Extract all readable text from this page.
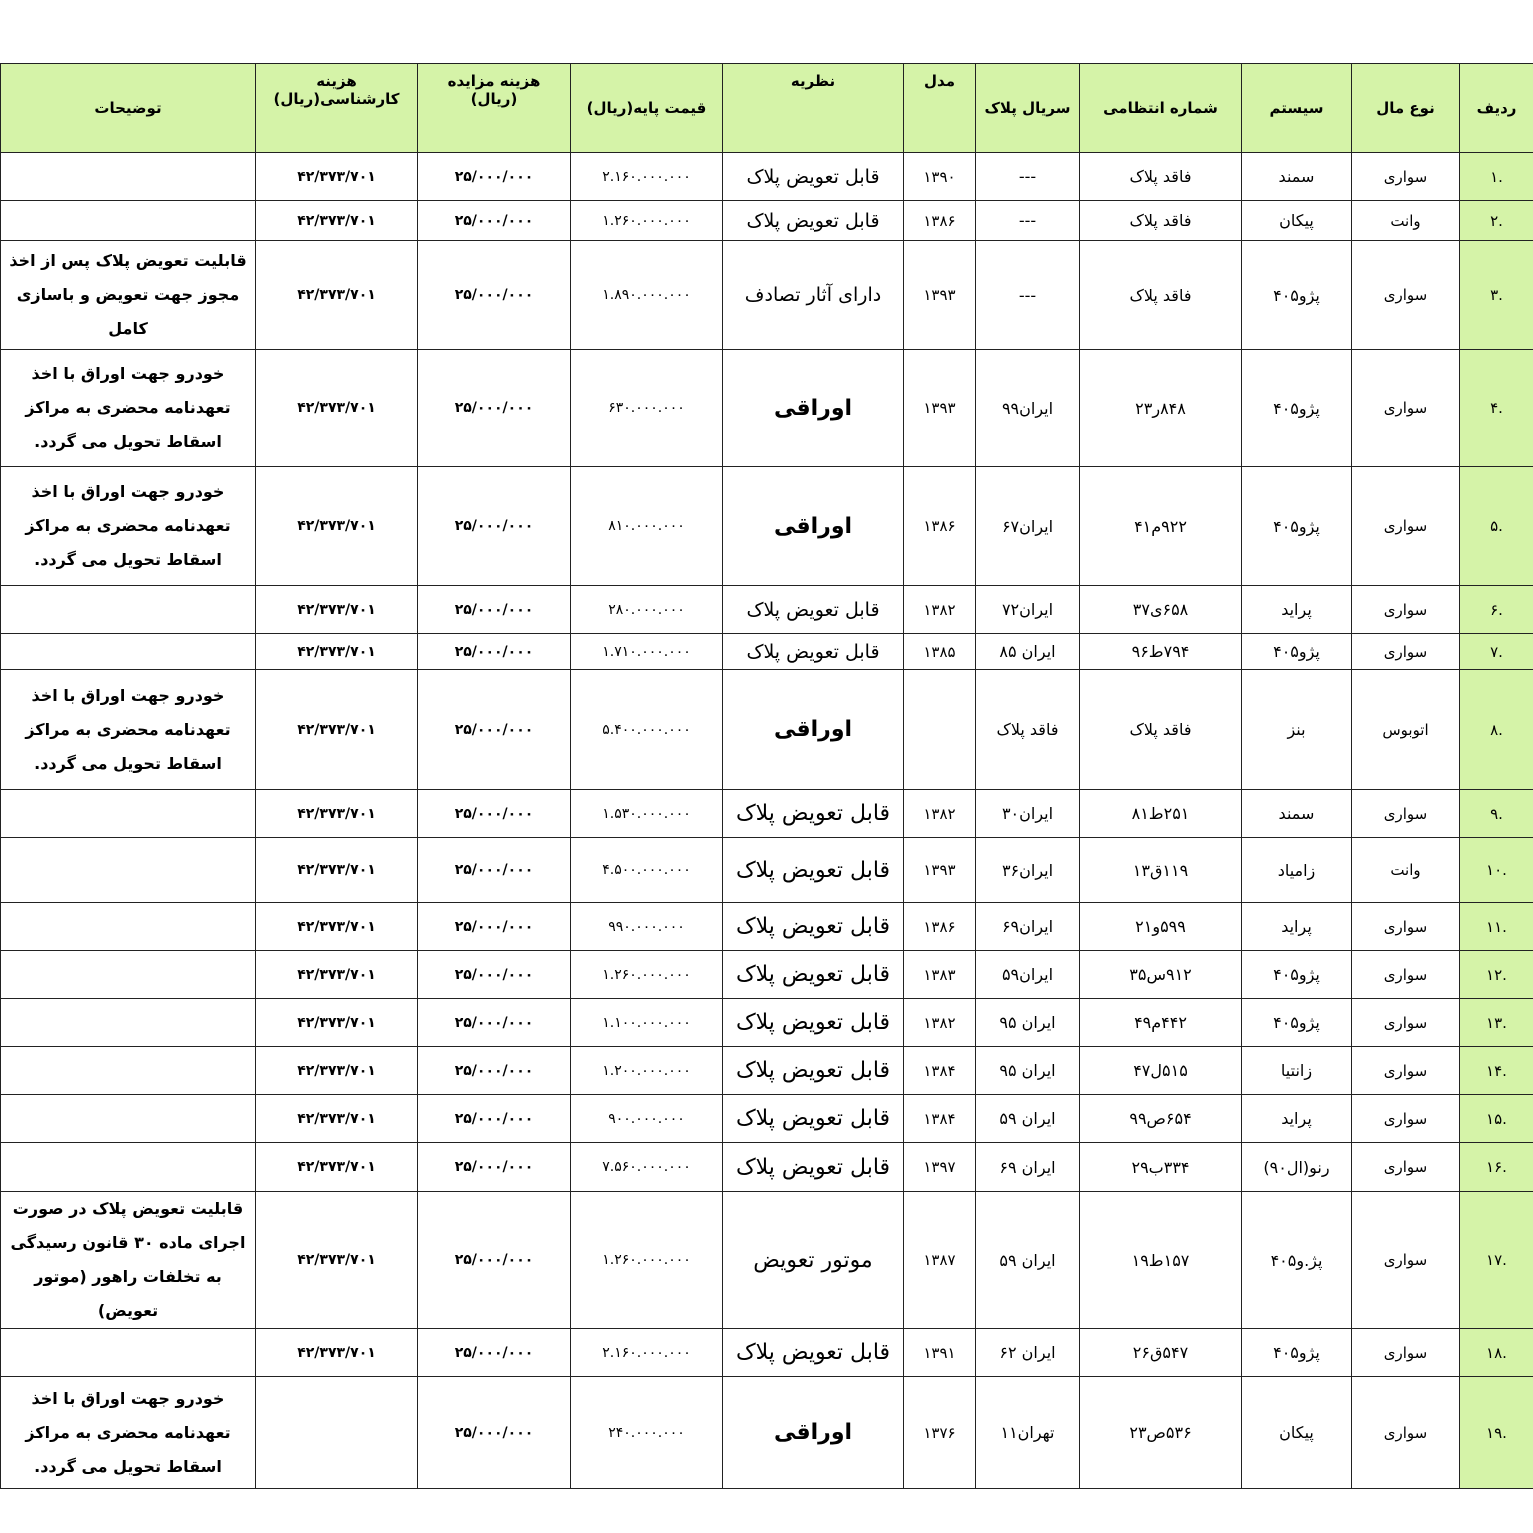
ردیف	نوع مال	سیستم	شماره انتظامی	سریال پلاک	مدل	نظریه	قیمت پایه(ریال)	هزینه مزایده (ریال)	هزینه کارشناسی(ریال)	توضیحات
.۱	سواری	سمند	فاقد پلاک	---	۱۳۹۰	قابل تعویض پلاک	۲.۱۶۰.۰۰۰.۰۰۰	۲۵/۰۰۰/۰۰۰	۴۲/۳۷۳/۷۰۱	
.۲	وانت	پیکان	فاقد پلاک	---	۱۳۸۶	قابل تعویض پلاک	۱.۲۶۰.۰۰۰.۰۰۰	۲۵/۰۰۰/۰۰۰	۴۲/۳۷۳/۷۰۱	
.۳	سواری	پژو۴۰۵	فاقد پلاک	---	۱۳۹۳	دارای آثار تصادف	۱.۸۹۰.۰۰۰.۰۰۰	۲۵/۰۰۰/۰۰۰	۴۲/۳۷۳/۷۰۱	قابلیت تعویض پلاک پس از اخذ مجوز جهت تعویض و باسازی کامل
.۴	سواری	پژو۴۰۵	۸۴۸ر۲۳	ایران۹۹	۱۳۹۳	اوراقی	۶۳۰.۰۰۰.۰۰۰	۲۵/۰۰۰/۰۰۰	۴۲/۳۷۳/۷۰۱	خودرو جهت اوراق با اخذ تعهدنامه محضری به مراکز اسقاط تحویل می گردد.
.۵	سواری	پژو۴۰۵	۹۲۲م۴۱	ایران۶۷	۱۳۸۶	اوراقی	۸۱۰.۰۰۰.۰۰۰	۲۵/۰۰۰/۰۰۰	۴۲/۳۷۳/۷۰۱	خودرو جهت اوراق با اخذ تعهدنامه محضری به مراکز اسقاط تحویل می گردد.
.۶	سواری	پراید	۶۵۸ی۳۷	ایران۷۲	۱۳۸۲	قابل تعویض پلاک	۲۸۰.۰۰۰.۰۰۰	۲۵/۰۰۰/۰۰۰	۴۲/۳۷۳/۷۰۱	
.۷	سواری	پژو۴۰۵	۷۹۴ط۹۶	ایران ۸۵	۱۳۸۵	قابل تعویض پلاک	۱.۷۱۰.۰۰۰.۰۰۰	۲۵/۰۰۰/۰۰۰	۴۲/۳۷۳/۷۰۱	
.۸	اتوبوس	بنز	فاقد پلاک	فاقد پلاک		اوراقی	۵.۴۰۰.۰۰۰.۰۰۰	۲۵/۰۰۰/۰۰۰	۴۲/۳۷۳/۷۰۱	خودرو جهت اوراق با اخذ تعهدنامه محضری به مراکز اسقاط تحویل می گردد.
.۹	سواری	سمند	۲۵۱ط۸۱	ایران۳۰	۱۳۸۲	قابل تعویض پلاک	۱.۵۳۰.۰۰۰.۰۰۰	۲۵/۰۰۰/۰۰۰	۴۲/۳۷۳/۷۰۱	
.۱۰	وانت	زامیاد	۱۱۹ق۱۳	ایران۳۶	۱۳۹۳	قابل تعویض پلاک	۴.۵۰۰.۰۰۰.۰۰۰	۲۵/۰۰۰/۰۰۰	۴۲/۳۷۳/۷۰۱	
.۱۱	سواری	پراید	۵۹۹و۲۱	ایران۶۹	۱۳۸۶	قابل تعویض پلاک	۹۹۰.۰۰۰.۰۰۰	۲۵/۰۰۰/۰۰۰	۴۲/۳۷۳/۷۰۱	
.۱۲	سواری	پژو۴۰۵	۹۱۲س۳۵	ایران۵۹	۱۳۸۳	قابل تعویض پلاک	۱.۲۶۰.۰۰۰.۰۰۰	۲۵/۰۰۰/۰۰۰	۴۲/۳۷۳/۷۰۱	
.۱۳	سواری	پژو۴۰۵	۴۴۲م۴۹	ایران ۹۵	۱۳۸۲	قابل تعویض پلاک	۱.۱۰۰.۰۰۰.۰۰۰	۲۵/۰۰۰/۰۰۰	۴۲/۳۷۳/۷۰۱	
.۱۴	سواری	زانتیا	۵۱۵ل۴۷	ایران ۹۵	۱۳۸۴	قابل تعویض پلاک	۱.۲۰۰.۰۰۰.۰۰۰	۲۵/۰۰۰/۰۰۰	۴۲/۳۷۳/۷۰۱	
.۱۵	سواری	پراید	۶۵۴ص۹۹	ایران ۵۹	۱۳۸۴	قابل تعویض پلاک	۹۰۰.۰۰۰.۰۰۰	۲۵/۰۰۰/۰۰۰	۴۲/۳۷۳/۷۰۱	
.۱۶	سواری	رنو(ال۹۰)	۳۳۴ب۲۹	ایران ۶۹	۱۳۹۷	قابل تعویض پلاک	۷.۵۶۰.۰۰۰.۰۰۰	۲۵/۰۰۰/۰۰۰	۴۲/۳۷۳/۷۰۱	
.۱۷	سواری	پژ.و۴۰۵	۱۵۷ط۱۹	ایران ۵۹	۱۳۸۷	موتور تعویض	۱.۲۶۰.۰۰۰.۰۰۰	۲۵/۰۰۰/۰۰۰	۴۲/۳۷۳/۷۰۱	قابلیت تعویض پلاک در صورت اجرای ماده ۳۰ قانون رسیدگی به تخلفات راهور (موتور تعویض)
.۱۸	سواری	پژو۴۰۵	۵۴۷ق۲۶	ایران ۶۲	۱۳۹۱	قابل تعویض پلاک	۲.۱۶۰.۰۰۰.۰۰۰	۲۵/۰۰۰/۰۰۰	۴۲/۳۷۳/۷۰۱	
.۱۹	سواری	پیکان	۵۳۶ص۲۳	تهران۱۱	۱۳۷۶	اوراقی	۲۴۰.۰۰۰.۰۰۰	۲۵/۰۰۰/۰۰۰		خودرو جهت اوراق با اخذ تعهدنامه محضری به مراکز اسقاط تحویل می گردد.
